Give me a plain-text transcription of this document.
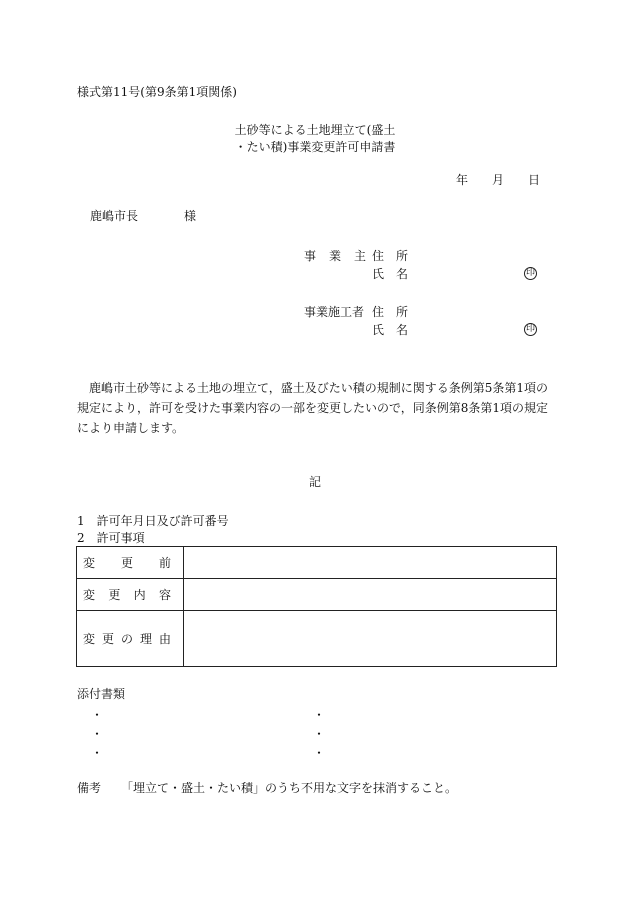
様式第11号(第9条第1項関係)
土砂等による土地埋立て(盛土
・たい積)事業変更許可申請書
年 月 日
鹿嶋市長	様
事 業 主 住 所
氏 名	印
事業施工者 住 所
氏 名	印
鹿嶋市土砂等による土地の埋立て，盛土及びたい積の規制に関する条例第5条第1項の規定により，許可を受けた事業内容の一部を変更したいので，同条例第8条第1項の規定により申請します。
記
1　許可年月日及び許可番号
2　許可事項
変 更 前	

変 更 内 容	

変 更 の 理 由	

添付書類
・
・
・
・
・
・
備考 「埋立て・盛土・たい積」のうち不用な文字を抹消すること。
